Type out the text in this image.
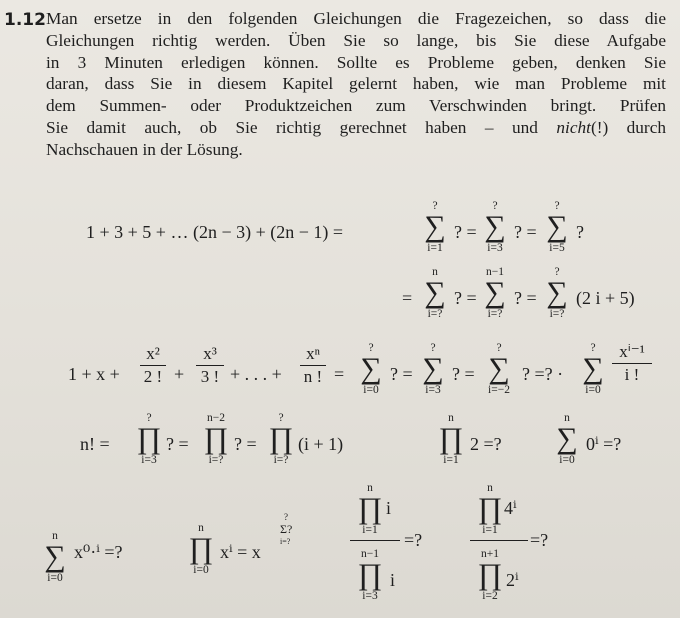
1.12 Man ersetze in den folgenden Gleichungen die Fragezeichen, so dass die
Gleichungen richtig werden. Üben Sie so lange, bis Sie diese Aufgabe
in 3 Minuten erledigen können. Sollte es Probleme geben, denken Sie
daran, dass Sie in diesem Kapitel gelernt haben, wie man Probleme mit
dem Summen- oder Produktzeichen zum Verschwinden bringt. Prüfen
Sie damit auch, ob Sie richtig gerechnet haben – und nicht(!) durch
Nachschauen in der Lösung.
1 + 3 + 5 + … (2n − 3) + (2n − 1) =
?
∑
i=1
? =
?
∑
i=3
? =
?
∑
i=5
?
=
n
∑
i=?
? =
n−1
∑
i=?
? =
?
∑
i=?
(2 i + 5)
1 + x +
x²
2 ! +
x³
3 ! + . . . +
xⁿ
n ! =
?
∑
i=0
? =
?
∑
i=3
? =
?
∑
i=−2
? =? ·
?
∑
i=0
xⁱ⁻¹
i !
n! =
?
∏
i=3
? =
n−2
∏
i=?
? =
?
∏
i=?
(i + 1)
n
∏
i=1
2 =?
n
∑
i=0
0ⁱ =?
n
∑
i=0
x⁰·ⁱ =?
n
∏
i=0
xⁱ = x
?
Σ?
i=?
n
∏
i=1
i
n−1
∏
i=3
i
=?
n
∏
i=1
4ⁱ
n+1
∏
i=2
2ⁱ
=?
